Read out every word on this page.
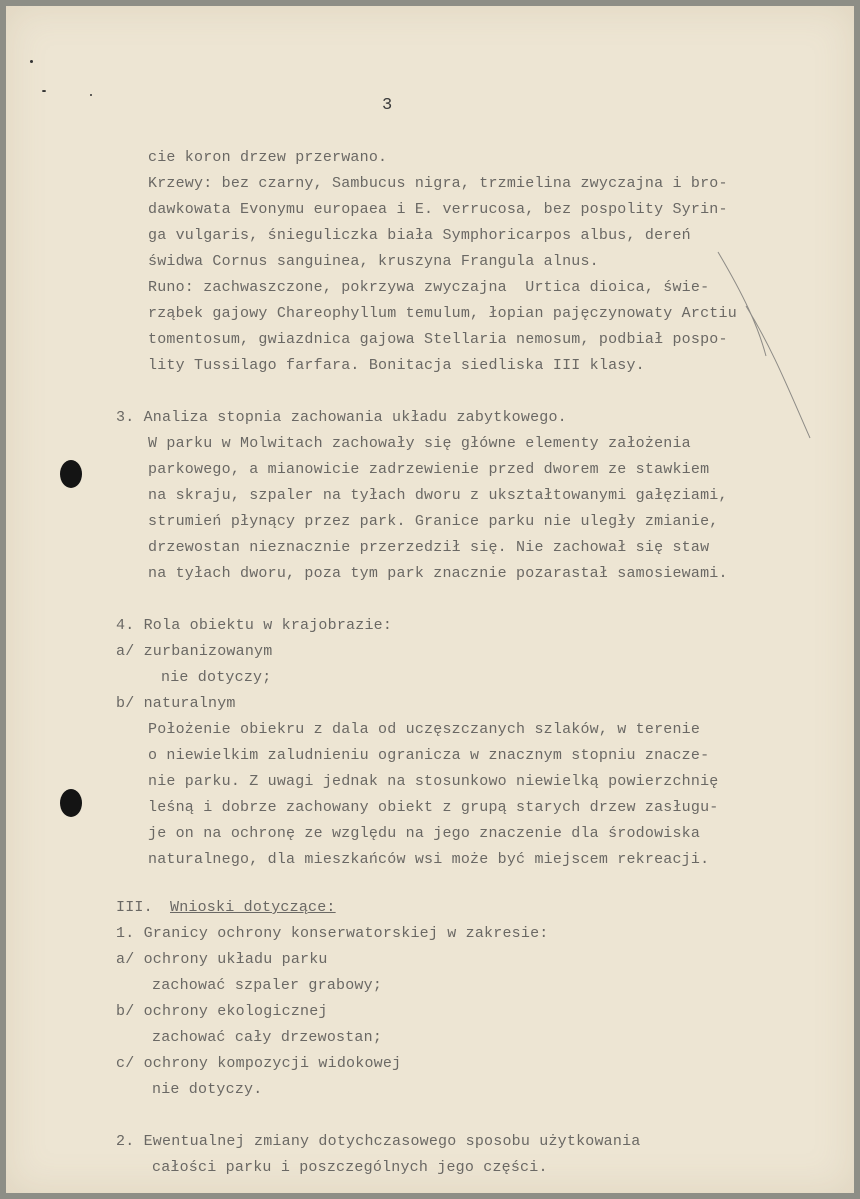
3
cie koron drzew przerwano.
Krzewy: bez czarny, Sambucus nigra, trzmielina zwyczajna i bro-
dawkowata Evonymu europaea i E. verrucosa, bez pospolity Syrin-
ga vulgaris, śnieguliczka biała Symphoricarpos albus, dereń
świdwa Cornus sanguinea, kruszyna Frangula alnus.
Runo: zachwaszczone, pokrzywa zwyczajna  Urtica dioica, świe-
rząbek gajowy Chareophyllum temulum, łopian pajęczynowaty Arctiu
tomentosum, gwiazdnica gajowa Stellaria nemosum, podbiał pospo-
lity Tussilago farfara. Bonitacja siedliska III klasy.
3. Analiza stopnia zachowania układu zabytkowego.
W parku w Molwitach zachowały się główne elementy założenia
parkowego, a mianowicie zadrzewienie przed dworem ze stawkiem
na skraju, szpaler na tyłach dworu z ukształtowanymi gałęziami,
strumień płynący przez park. Granice parku nie uległy zmianie,
drzewostan nieznacznie przerzedził się. Nie zachował się staw
na tyłach dworu, poza tym park znacznie pozarastał samosiewami.
4. Rola obiektu w krajobrazie:
a/ zurbanizowanym
nie dotyczy;
b/ naturalnym
Położenie obiekru z dala od uczęszczanych szlaków, w terenie
o niewielkim zaludnieniu ogranicza w znacznym stopniu znacze-
nie parku. Z uwagi jednak na stosunkowo niewielką powierzchnię
leśną i dobrze zachowany obiekt z grupą starych drzew zasługu-
je on na ochronę ze względu na jego znaczenie dla środowiska
naturalnego, dla mieszkańców wsi może być miejscem rekreacji.
III. Wnioski dotyczące:
1. Granicy ochrony konserwatorskiej w zakresie:
a/ ochrony układu parku
zachować szpaler grabowy;
b/ ochrony ekologicznej
zachować cały drzewostan;
c/ ochrony kompozycji widokowej
nie dotyczy.
2. Ewentualnej zmiany dotychczasowego sposobu użytkowania
całości parku i poszczególnych jego części.
